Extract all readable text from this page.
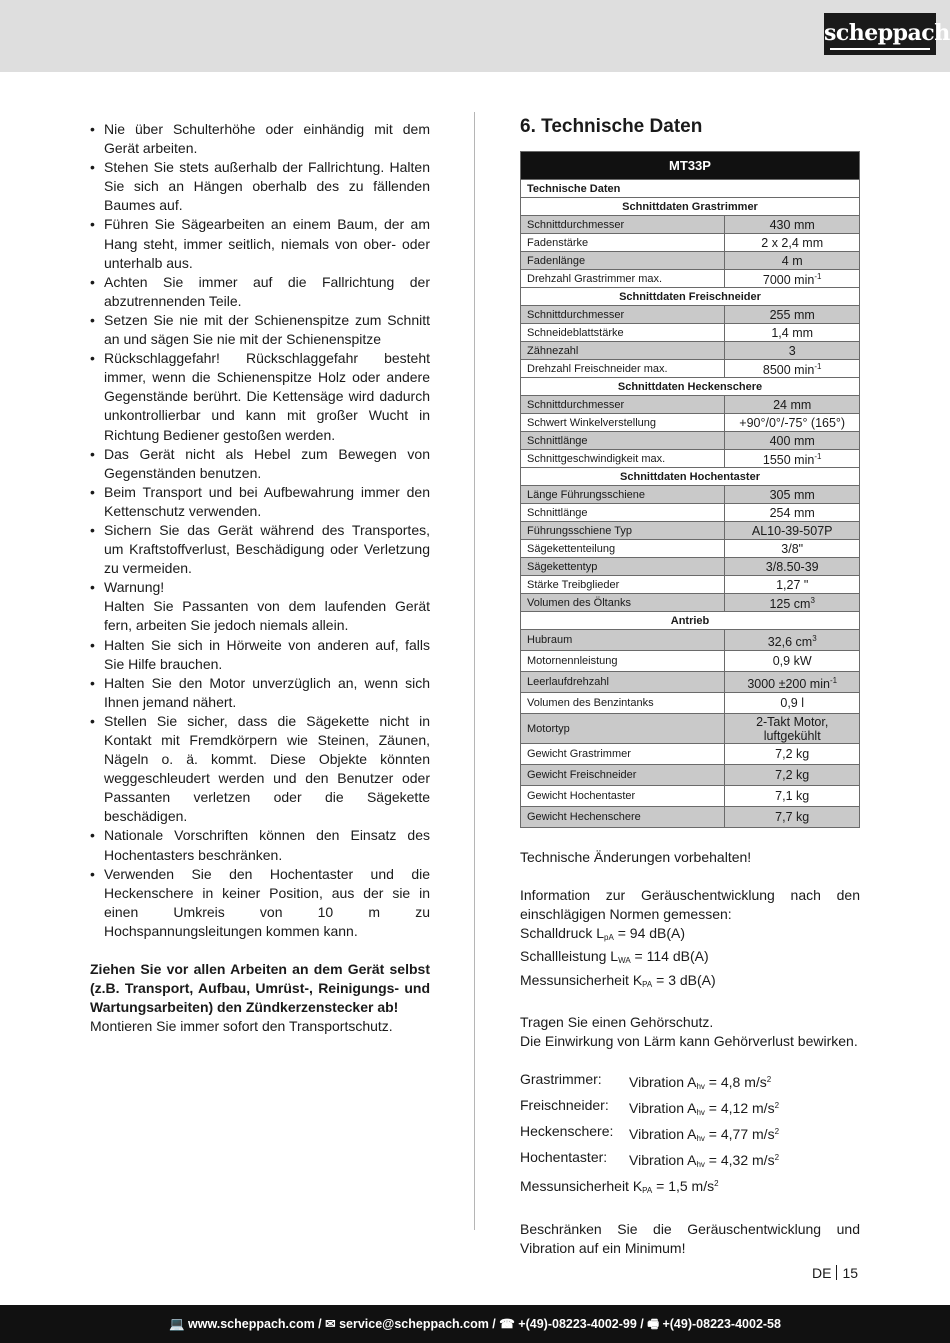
scheppach
• Nie über Schulterhöhe oder einhändig mit dem Gerät arbeiten.
• Stehen Sie stets außerhalb der Fallrichtung. Halten Sie sich an Hängen oberhalb des zu fällenden Baumes auf.
• Führen Sie Sägearbeiten an einem Baum, der am Hang steht, immer seitlich, niemals von ober- oder unterhalb aus.
• Achten Sie immer auf die Fallrichtung der abzutrennenden Teile.
• Setzen Sie nie mit der Schienenspitze zum Schnitt an und sägen Sie nie mit der Schienenspitze
• Rückschlaggefahr! Rückschlaggefahr besteht immer, wenn die Schienenspitze Holz oder andere Gegenstände berührt. Die Kettensäge wird dadurch unkontrollierbar und kann mit großer Wucht in Richtung Bediener gestoßen werden.
• Das Gerät nicht als Hebel zum Bewegen von Gegenständen benutzen.
• Beim Transport und bei Aufbewahrung immer den Kettenschutz verwenden.
• Sichern Sie das Gerät während des Transportes, um Kraftstoffverlust, Beschädigung oder Verletzung zu vermeiden.
• Warnung!
Halten Sie Passanten von dem laufenden Gerät fern, arbeiten Sie jedoch niemals allein.
• Halten Sie sich in Hörweite von anderen auf, falls Sie Hilfe brauchen.
• Halten Sie den Motor unverzüglich an, wenn sich Ihnen jemand nähert.
• Stellen Sie sicher, dass die Sägekette nicht in Kontakt mit Fremdkörpern wie Steinen, Zäunen, Nägeln o. ä. kommt. Diese Objekte könnten weggeschleudert werden und den Benutzer oder Passanten verletzen oder die Sägekette beschädigen.
• Nationale Vorschriften können den Einsatz des Hochentasters beschränken.
• Verwenden Sie den Hochentaster und die Heckenschere in keiner Position, aus der sie in einen Umkreis von 10 m zu Hochspannungsleitungen kommen kann.

Ziehen Sie vor allen Arbeiten an dem Gerät selbst (z.B. Transport, Aufbau, Umrüst-, Reinigungs- und Wartungsarbeiten) den Zündkerzenstecker ab!

Montieren Sie immer sofort den Transportschutz.

6. Technische Daten
MT33P	
Technische Daten	
Schnittdaten Grastrimmer	
Schnittdurchmesser	430 mm
Fadenstärke	2 x 2,4 mm
Fadenlänge	4 m
Drehzahl Grastrimmer max.	7000 $\min^{-1}$
Schnittdaten Freischneider	
Schnittdurchmesser	255 mm
Schneideblattstärke	1,4 mm
Zähnezahl	3
Drehzahl Freischneider max.	8500 $\min^{-1}$
Schnittdaten Heckenschere	
Schnittdurchmesser	24 mm
Schwert Winkelverstellung	+90°/0°/-75° (165°)
Schnittlänge	400 mm
Schnittgeschwindigkeit max.	1550 $\min^{-1}$
Schnittdaten Hochentaster	
Länge Führungsschiene	305 mm
Schnittlänge	254 mm
Führungsschiene Typ	AL10-39-507P
Sägekettenteilung	3/8"
Sägekettentyp	3/8.50-39
Stärke Treibglieder	1,27 "
Volumen des Öltanks	125 $cm^3$
Antrieb	
Hubraum	32,6 $cm^3$
Motornennleistung	0,9 kW
Leerlaufdrehzahl	3000 ±200 $\min^{-1}$
Volumen des Benzintanks	0,9 l
Motortyp	2-Takt Motor, luftgekühlt
Gewicht Grastrimmer	7,2 kg
Gewicht Freischneider	7,2 kg
Gewicht Hochentaster	7,1 kg
Gewicht Hechenschere	7,7 kg

Technische Änderungen vorbehalten!

Information zur Geräuschentwicklung nach den einschlägigen Normen gemessen:

Schalldruck $L_{pA} = 94$ dB(A)

Schallleistung $L_{WA} = 114$ dB(A)

Messunsicherheit $K_{PA} = 3$ dB(A)

Tragen Sie einen Gehörschutz.

Die Einwirkung von Lärm kann Gehörverlust bewirken.

Grastrimmer:	Vibration $A_{hv} = 4,8$ $m/s^2$
Freischneider:	Vibration $A_{hv} = 4,12$ $m/s^2$
Heckenschere:	Vibration $A_{hv} = 4,77$ $m/s^2$
Hochentaster:	Vibration $A_{hv} = 4,32$ $m/s^2$

Messunsicherheit $K_{PA} = 1,5$ $m/s^2$

Beschränken Sie die Geräuschentwicklung und Vibration auf ein Minimum!

DE 15
💻 www.scheppach.com / ✉ service@scheppach.com / ☎ +(49)-08223-4002-99 / 🖷 +(49)-08223-4002-58
